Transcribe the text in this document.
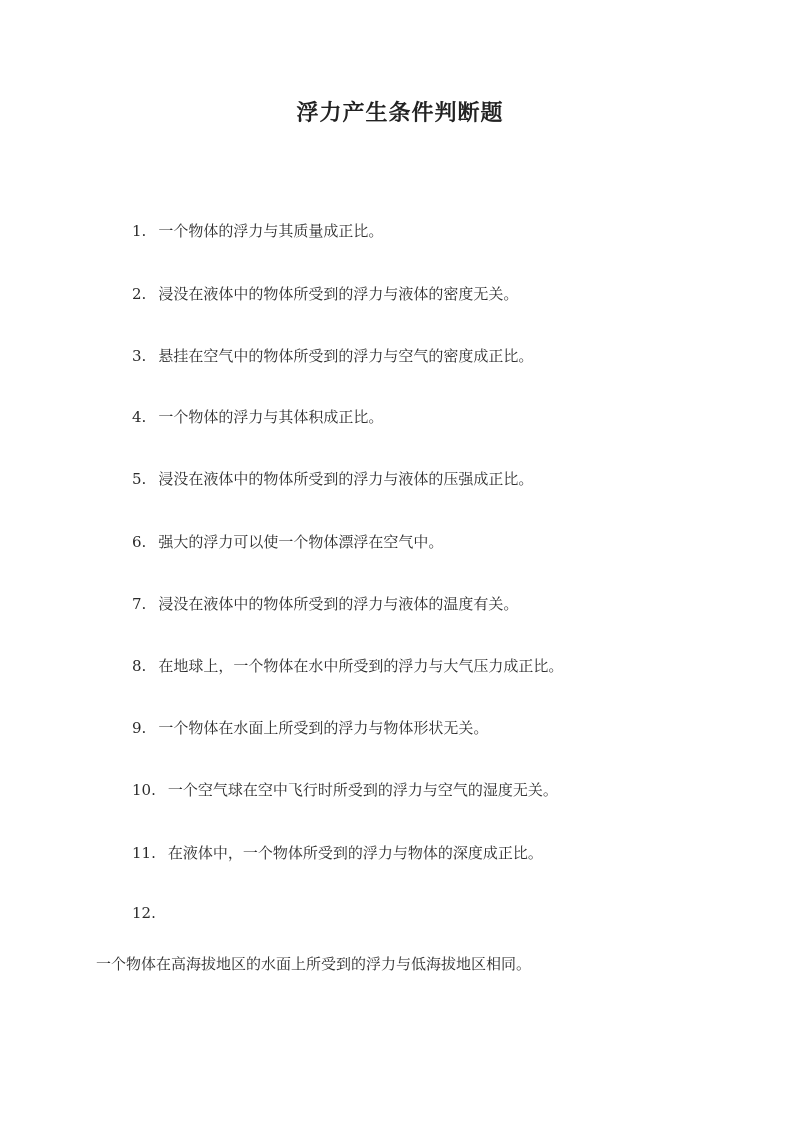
浮力产生条件判断题
1. 一个物体的浮力与其质量成正比。
2. 浸没在液体中的物体所受到的浮力与液体的密度无关。
3. 悬挂在空气中的物体所受到的浮力与空气的密度成正比。
4. 一个物体的浮力与其体积成正比。
5. 浸没在液体中的物体所受到的浮力与液体的压强成正比。
6. 强大的浮力可以使一个物体漂浮在空气中。
7. 浸没在液体中的物体所受到的浮力与液体的温度有关。
8. 在地球上，一个物体在水中所受到的浮力与大气压力成正比。
9. 一个物体在水面上所受到的浮力与物体形状无关。
10. 一个空气球在空中飞行时所受到的浮力与空气的湿度无关。
11. 在液体中，一个物体所受到的浮力与物体的深度成正比。
12.
一个物体在高海拔地区的水面上所受到的浮力与低海拔地区相同。
